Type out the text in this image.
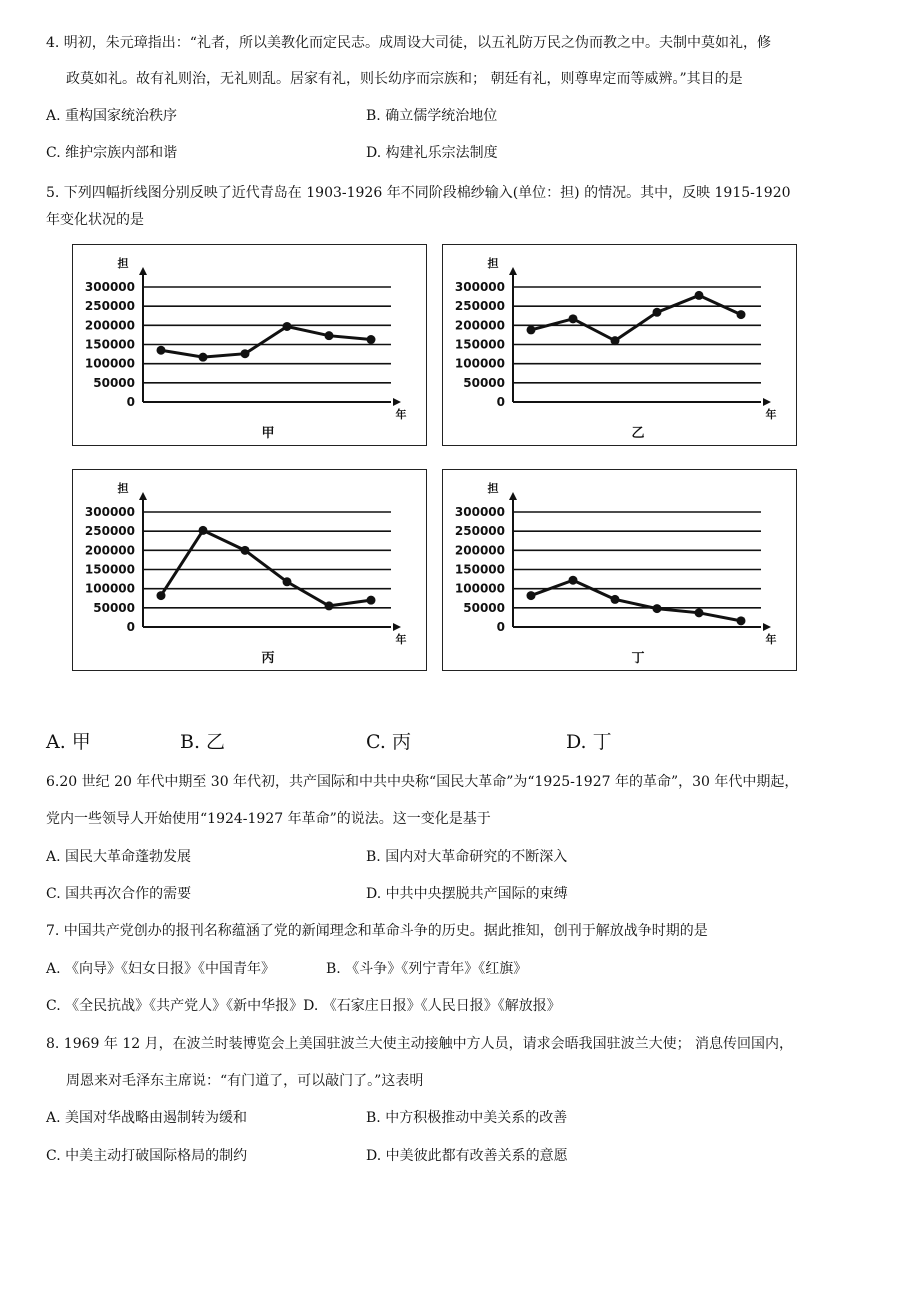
4. 明初，朱元璋指出：“礼者，所以美教化而定民志。成周设大司徒，以五礼防万民之伪而教之中。夫制中莫如礼，修
政莫如礼。故有礼则治，无礼则乱。居家有礼，则长幼序而宗族和； 朝廷有礼，则尊卑定而等威辨。”其目的是
A. 重构国家统治秩序	B. 确立儒学统治地位
C. 维护宗族内部和谐	D. 构建礼乐宗法制度
5. 下列四幅折线图分别反映了近代青岛在 1903-1926 年不同阶段棉纱输入(单位：担) 的情况。其中，反映 1915-1920
年变化状况的是
300000
250000
200000
150000
100000
50000
0
担
年
甲
300000
250000
200000
150000
100000
50000
0
担
年
乙
300000
250000
200000
150000
100000
50000
0
担
年
丙
300000
250000
200000
150000
100000
50000
0
担
年
丁
A. 甲	B. 乙	C. 丙	D. 丁
6.20 世纪 20 年代中期至 30 年代初，共产国际和中共中央称“国民大革命”为“1925-1927 年的革命”，30 年代中期起，
党内一些领导人开始使用“1924-1927 年革命”的说法。这一变化是基于
A. 国民大革命蓬勃发展	B. 国内对大革命研究的不断深入
C. 国共再次合作的需要	D. 中共中央摆脱共产国际的束缚
7. 中国共产党创办的报刊名称蕴涵了党的新闻理念和革命斗争的历史。据此推知，创刊于解放战争时期的是
A. 《向导》《妇女日报》《中国青年》	B. 《斗争》《列宁青年》《红旗》
C. 《全民抗战》《共产党人》《新中华报》D. 《石家庄日报》《人民日报》《解放报》
8. 1969 年 12 月，在波兰时装博览会上美国驻波兰大使主动接触中方人员，请求会晤我国驻波兰大使； 消息传回国内，
周恩来对毛泽东主席说：“有门道了，可以敲门了。”这表明
A. 美国对华战略由遏制转为缓和	B. 中方积极推动中美关系的改善
C. 中美主动打破国际格局的制约	D. 中美彼此都有改善关系的意愿
